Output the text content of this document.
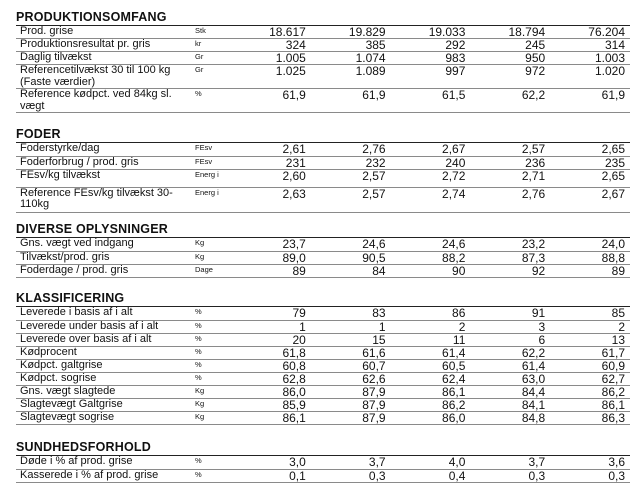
PRODUKTIONSOMFANG
Prod. grise	Stk	18.617	19.829	19.033	18.794	76.204
Produktionsresultat pr. gris	kr	324	385	292	245	314
Daglig tilvækst	Gr	1.005	1.074	983	950	1.003
Referencetilvækst 30 til 100 kg (Faste værdier)	Gr	1.025	1.089	997	972	1.020
Reference kødpct. ved 84kg sl. vægt	%	61,9	61,9	61,5	62,2	61,9
FODER
Foderstyrke/dag	FEsv	2,61	2,76	2,67	2,57	2,65
Foderforbrug / prod. gris	FEsv	231	232	240	236	235
FEsv/kg tilvækst	Energ i	2,60	2,57	2,72	2,71	2,65
Reference FEsv/kg tilvækst 30-110kg	Energ i	2,63	2,57	2,74	2,76	2,67
DIVERSE OPLYSNINGER
Gns. vægt ved indgang	Kg	23,7	24,6	24,6	23,2	24,0
Tilvækst/prod. gris	Kg	89,0	90,5	88,2	87,3	88,8
Foderdage / prod. gris	Dage	89	84	90	92	89
KLASSIFICERING
Leverede i basis af i alt	%	79	83	86	91	85
Leverede under basis af i alt	%	1	1	2	3	2
Leverede over basis af i alt	%	20	15	11	6	13
Kødprocent	%	61,8	61,6	61,4	62,2	61,7
Kødpct. galtgrise	%	60,8	60,7	60,5	61,4	60,9
Kødpct. sogrise	%	62,8	62,6	62,4	63,0	62,7
Gns. vægt slagtede	Kg	86,0	87,9	86,1	84,4	86,2
Slagtevægt Galtgrise	Kg	85,9	87,9	86,2	84,1	86,1
Slagtevægt sogrise	Kg	86,1	87,9	86,0	84,8	86,3
SUNDHEDSFORHOLD
Døde i % af prod. grise	%	3,0	3,7	4,0	3,7	3,6
Kasserede i % af prod. grise	%	0,1	0,3	0,4	0,3	0,3
